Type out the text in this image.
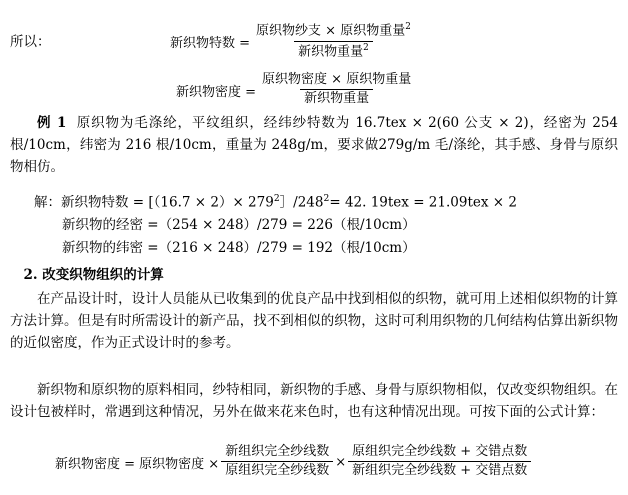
所以：	新织物特数 = $\frac{原织物纱支 \times 原织物重量^2}{新织物重量^2}$
新织物密度 = $\frac{\text{原织物密度 × 原织物重量}}{\text{新织物重量}}$

例 1 原织物为毛涤纶，平纹组织，经纬纱特数为 16.7tex × 2(60 公支 × 2)，经密为 254 根/10cm，纬密为 216 根/10cm，重量为 248g/m，要求做279g/m 毛/涤纶，其手感、身骨与原织物相仿。

解：新织物特数 = [$(16.7 \times 2)\times 279^2]/248^2= 42$. 19tex = 21.09tex × 2

新织物的经密 =（254 × 248）/279 = 226（根/10cm）

新织物的纬密 =（216 × 248）/279 = 192（根/10cm）

2. 改变织物组织的计算

在产品设计时，设计人员能从已收集到的优良产品中找到相似的织物，就可用上述相似织物的计算方法计算。但是有时所需设计的新产品，找不到相似的织物，这时可利用织物的几何结构估算出新织物的近似密度，作为正式设计时的参考。

新织物和原织物的原料相同，纱特相同，新织物的手感、身骨与原织物相似，仅改变织物组织。在设计包被样时，常遇到这种情况，另外在做来花来色时，也有这种情况出现。可按下面的公式计算：

新织物密度 = 原织物密度 × $\frac{\text{新组织完全纱线数}}{\text{原组织完全纱线数}} \times \frac{\text{原组织完全纱线数 + 交错点数}}{\text{新组织完全纱线数 + 交错点数}}$
